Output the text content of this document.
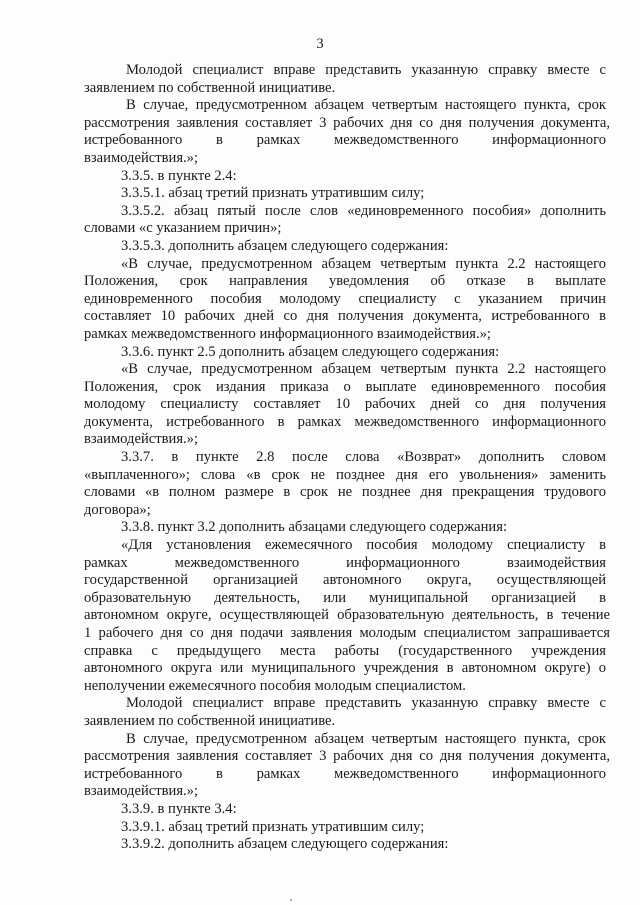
3
Молодой специалист вправе представить указанную справку вместе с
заявлением по собственной инициативе.
В случае, предусмотренном абзацем четвертым настоящего пункта, срок
рассмотрения заявления составляет 3 рабочих дня со дня получения документа,
истребованного в рамках межведомственного информационного
взаимодействия.»;
3.3.5. в пункте 2.4:
3.3.5.1. абзац третий признать утратившим силу;
3.3.5.2. абзац пятый после слов «единовременного пособия» дополнить
словами «с указанием причин»;
3.3.5.3. дополнить абзацем следующего содержания:
«В случае, предусмотренном абзацем четвертым пункта 2.2 настоящего
Положения, срок направления уведомления об отказе в выплате
единовременного пособия молодому специалисту с указанием причин
составляет 10 рабочих дней со дня получения документа, истребованного в
рамках межведомственного информационного взаимодействия.»;
3.3.6. пункт 2.5 дополнить абзацем следующего содержания:
«В случае, предусмотренном абзацем четвертым пункта 2.2 настоящего
Положения, срок издания приказа о выплате единовременного пособия
молодому специалисту составляет 10 рабочих дней со дня получения
документа, истребованного в рамках межведомственного информационного
взаимодействия.»;
3.3.7. в пункте 2.8 после слова «Возврат» дополнить словом
«выплаченного»; слова «в срок не позднее дня его увольнения» заменить
словами «в полном размере в срок не позднее дня прекращения трудового
договора»;
3.3.8. пункт 3.2 дополнить абзацами следующего содержания:
«Для установления ежемесячного пособия молодому специалисту в
рамках межведомственного информационного взаимодействия
государственной организацией автономного округа, осуществляющей
образовательную деятельность, или муниципальной организацией в
автономном округе, осуществляющей образовательную деятельность, в течение
1 рабочего дня со дня подачи заявления молодым специалистом запрашивается
справка с предыдущего места работы (государственного учреждения
автономного округа или муниципального учреждения в автономном округе) о
неполучении ежемесячного пособия молодым специалистом.
Молодой специалист вправе представить указанную справку вместе с
заявлением по собственной инициативе.
В случае, предусмотренном абзацем четвертым настоящего пункта, срок
рассмотрения заявления составляет 3 рабочих дня со дня получения документа,
истребованного в рамках межведомственного информационного
взаимодействия.»;
3.3.9. в пункте 3.4:
3.3.9.1. абзац третий признать утратившим силу;
3.3.9.2. дополнить абзацем следующего содержания:
